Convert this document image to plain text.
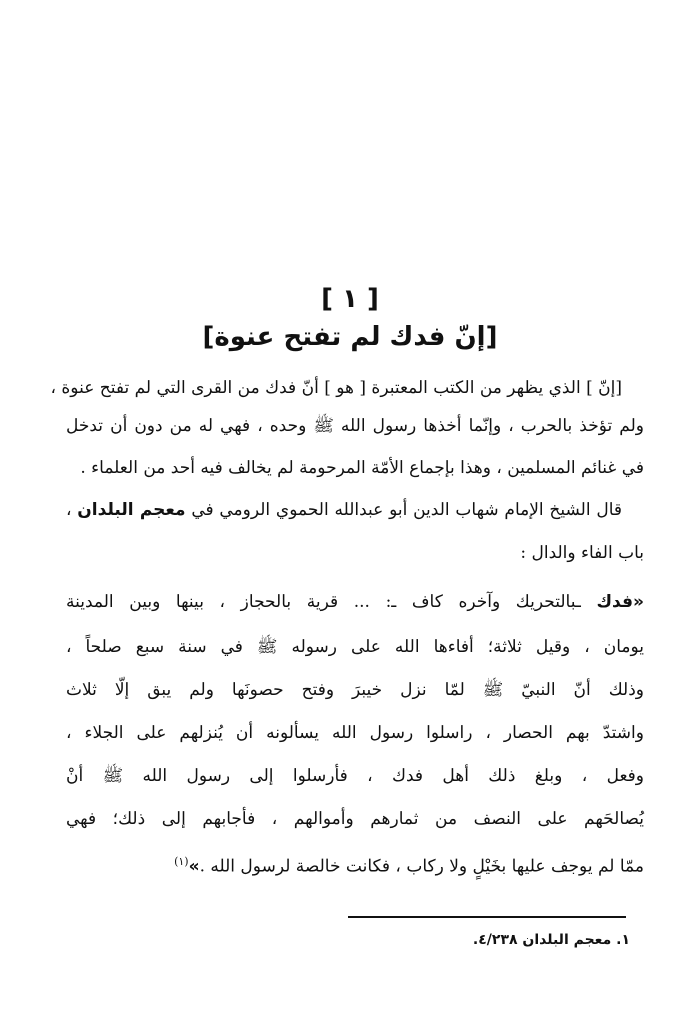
[ ١ ]
[إنّ فدك لم تفتح عنوة]
[إنّ ] الذي يظهر من الكتب المعتبرة [ هو ] أنّ فدك من القرى التي لم تفتح عنوة ،
ولم تؤخذ بالحرب ، وإنّما أخذها رسول الله ﷺ وحده ، فهي له من دون أن تدخل
في غنائم المسلمين ، وهذا بإجماع الأمّة المرحومة لم يخالف فيه أحد من العلماء .
قال الشيخ الإمام شهاب الدين أبو عبدالله الحموي الرومي في معجم البلدان ،
باب الفاء والدال :
«فدك ـبالتحريك وآخره كاف ـ: ... قرية بالحجاز ، بينها وبين المدينة
يومان ، وقيل ثلاثة؛ أفاءها الله على رسوله ﷺ في سنة سبع صلحاً ،
وذلك أنّ النبيّ ﷺ لمّا نزل خيبرَ وفتح حصونَها ولم يبق إلّا ثلاث
واشتدّ بهم الحصار ، راسلوا رسول الله يسألونه أن يُنزلهم على الجلاء ،
وفعل ، وبلغ ذلك أهل فدك ، فأرسلوا إلى رسول الله ﷺ أنْ
يُصالحَهم على النصف من ثمارهم وأموالهم ، فأجابهم إلى ذلك؛ فهي
ممّا لم يوجف عليها بخَيْلٍ ولا ركاب ، فكانت خالصة لرسول الله .»$^{(١)}$
١. معجم البلدان ٤/٢٣٨.
